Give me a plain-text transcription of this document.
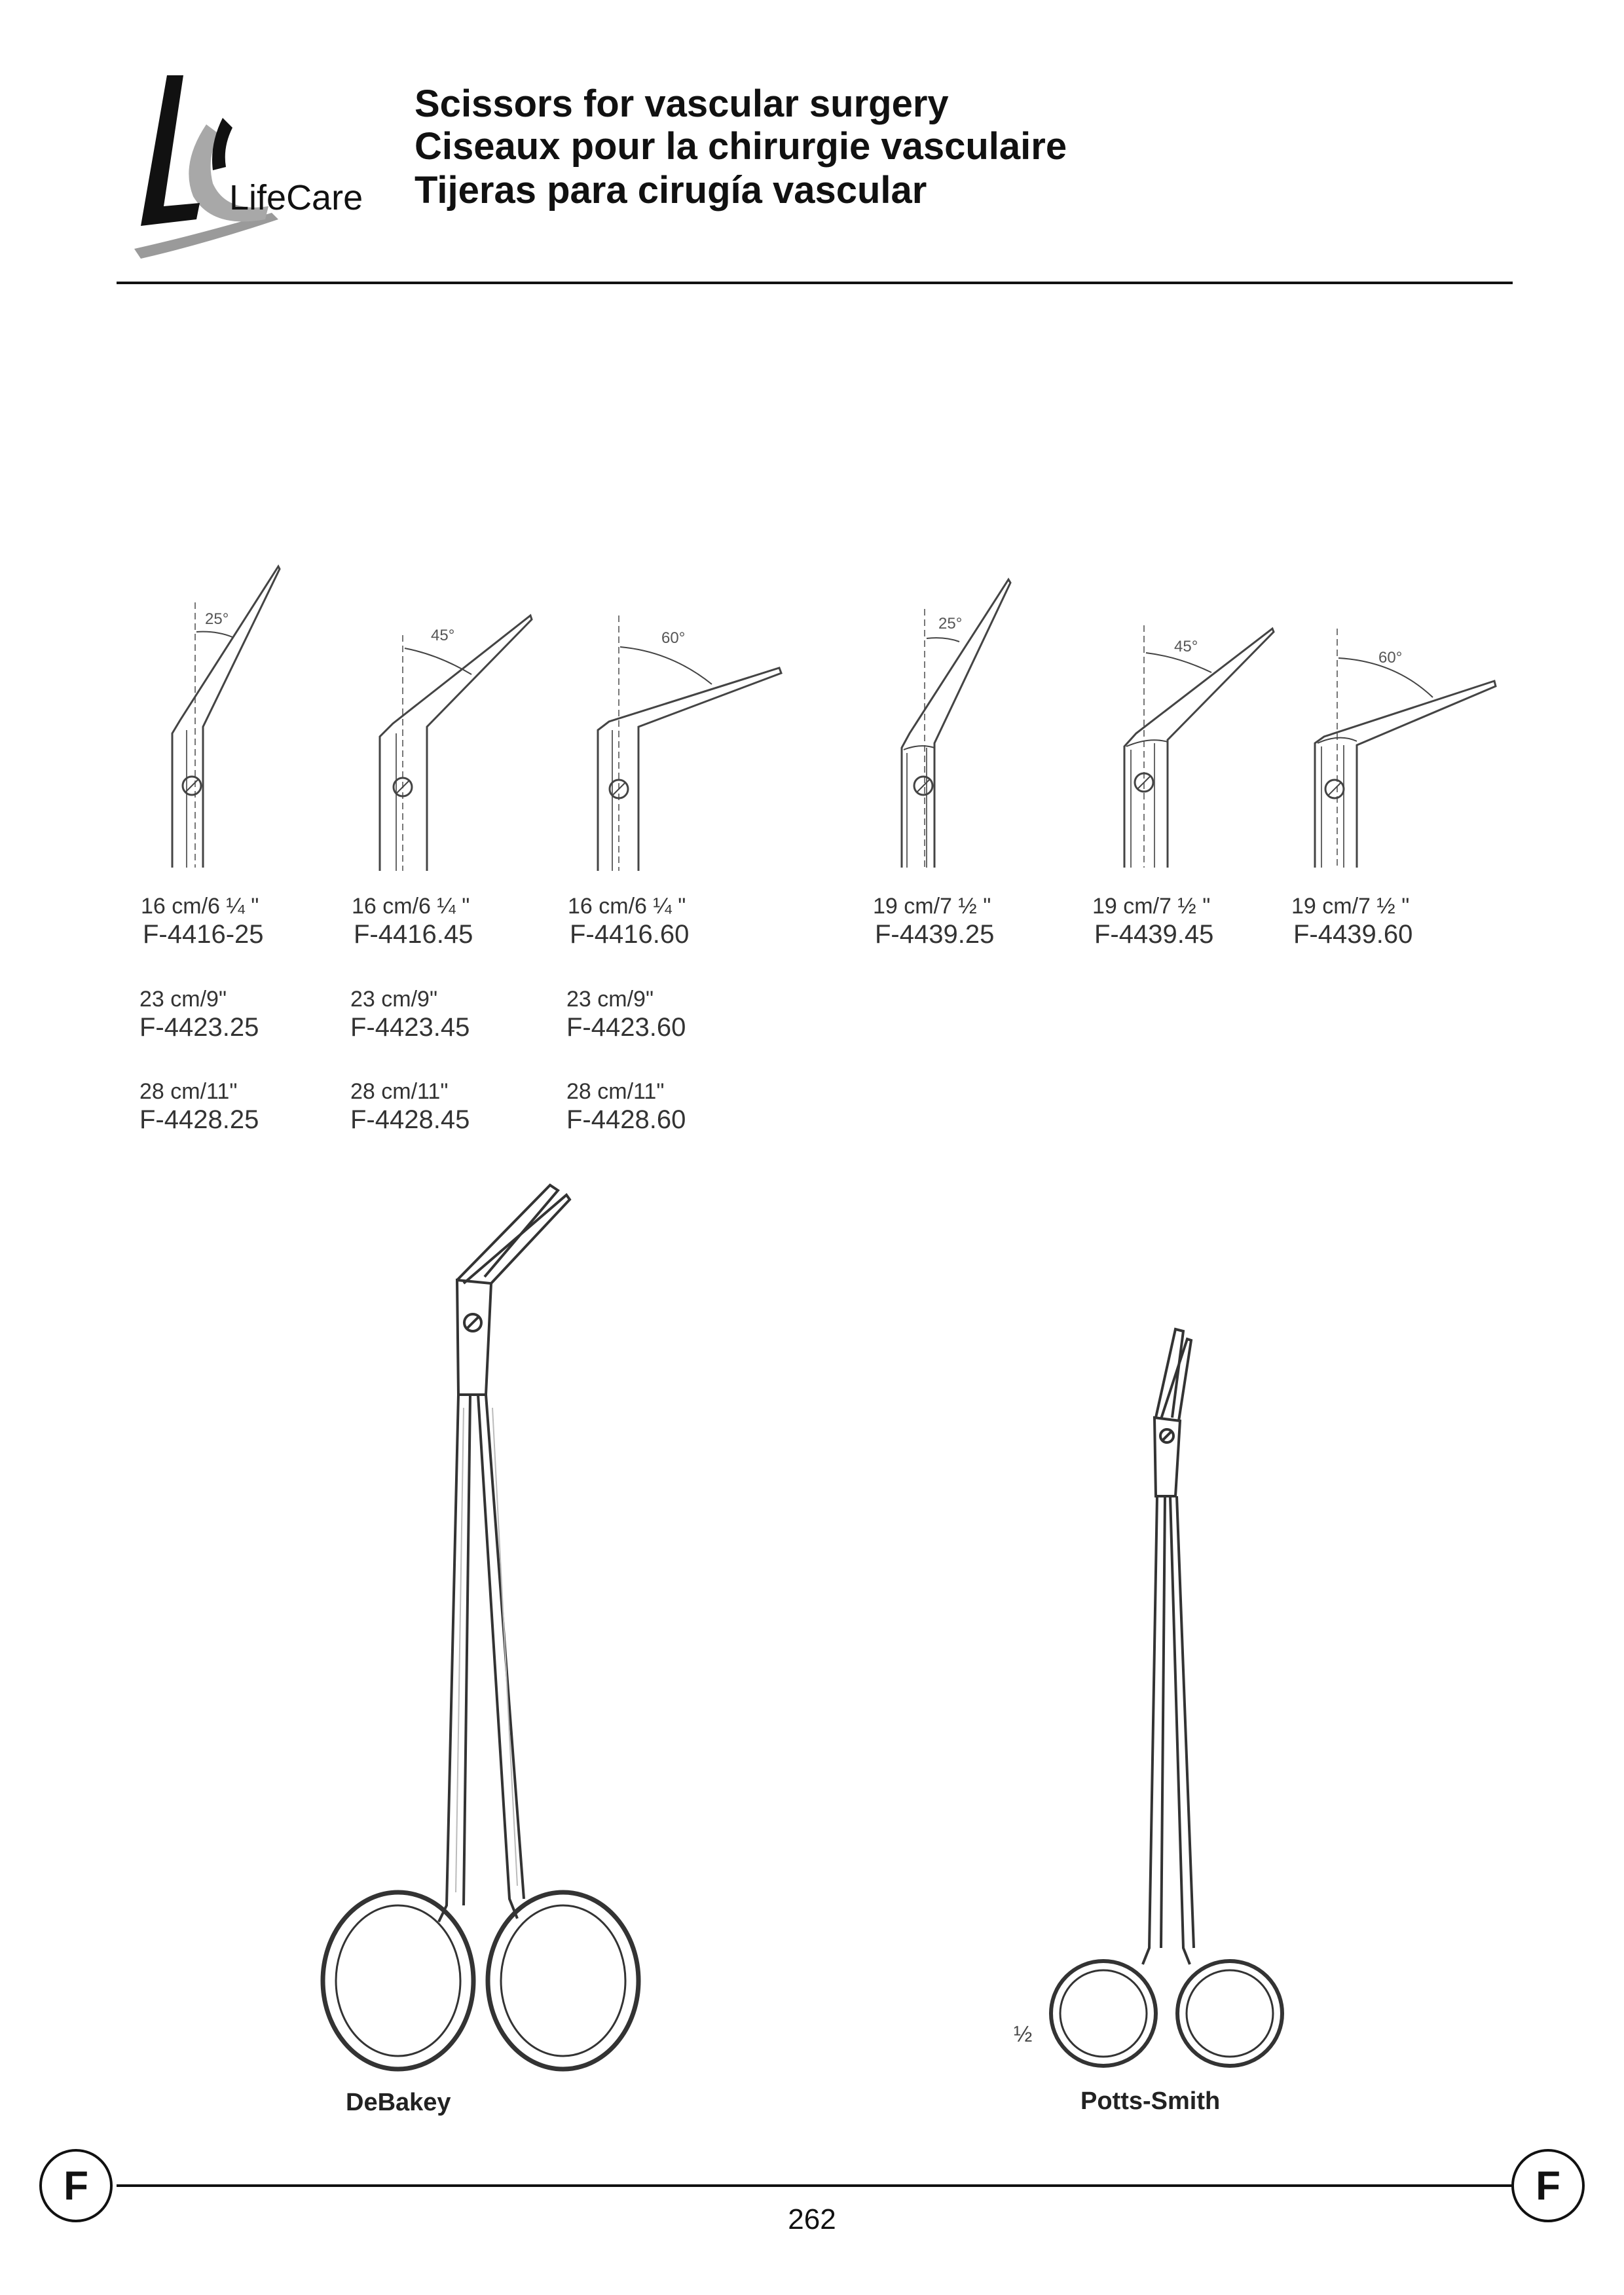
LifeCare
Scissors for vascular surgery
Ciseaux pour la chirurgie vasculaire
Tijeras para cirugía vascular
25°
45°	60°
25°
45°
60°
16 cm/6 ¼ "	16 cm/6 ¼ "	16 cm/6 ¼ "
F-4416-25	F-4416.45	F-4416.60
23 cm/9"	23 cm/9"	23 cm/9"
F-4423.25	F-4423.45	F-4423.60
28 cm/11"	28 cm/11"	28 cm/11"
F-4428.25	F-4428.45	F-4428.60
19 cm/7 ½ "	19 cm/7 ½ "	19 cm/7 ½ "
F-4439.25	F-4439.45	F-4439.60
DeBakey	Potts-Smith
½
F	F
262
